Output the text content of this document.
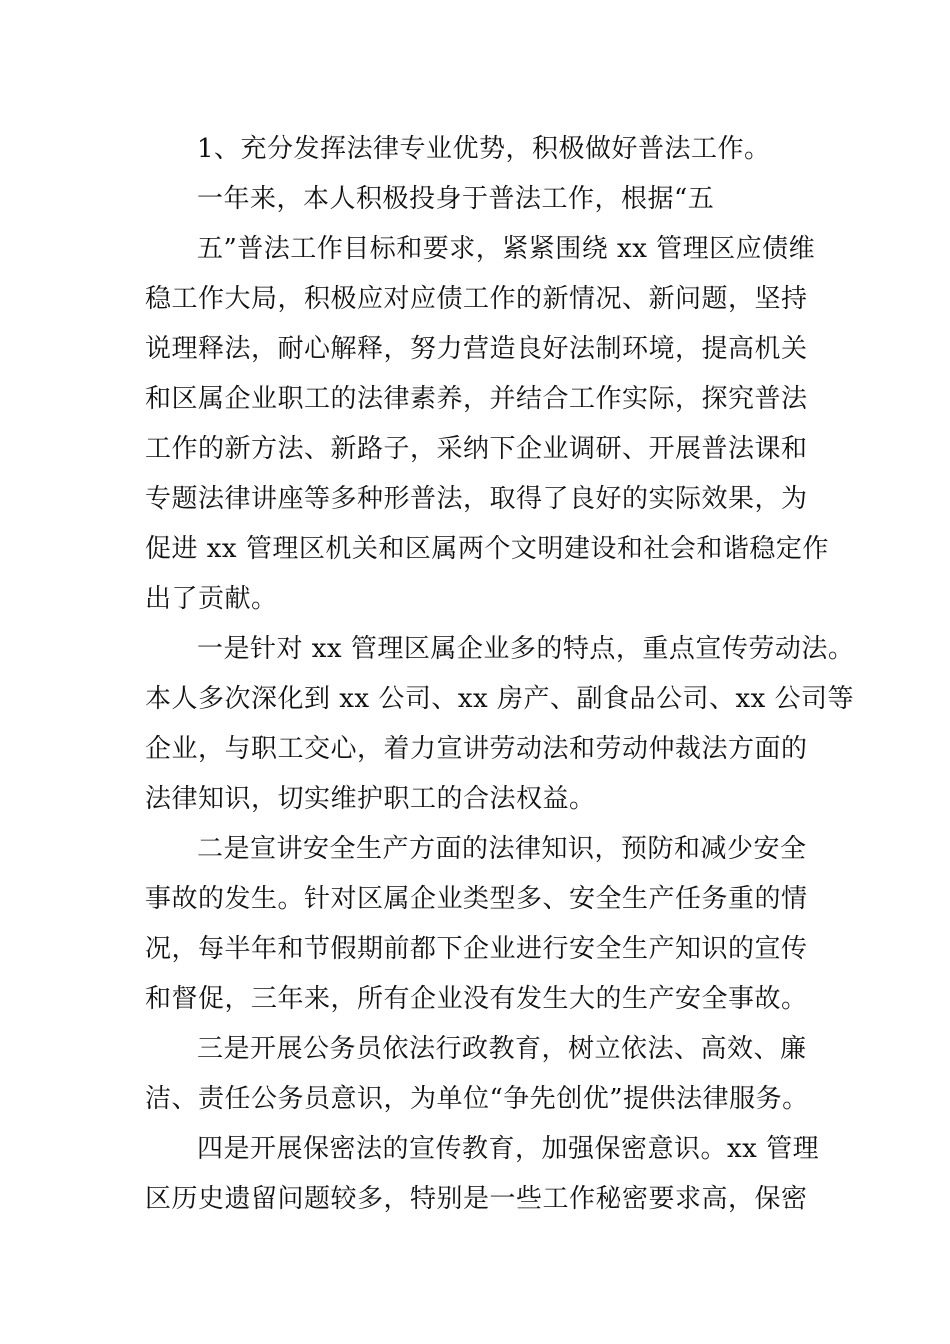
1、充分发挥法律专业优势，积极做好普法工作。
一年来，本人积极投身于普法工作，根据“五
五”普法工作目标和要求，紧紧围绕 xx 管理区应债维
稳工作大局，积极应对应债工作的新情况、新问题，坚持
说理释法，耐心解释，努力营造良好法制环境，提高机关
和区属企业职工的法律素养，并结合工作实际，探究普法
工作的新方法、新路子，采纳下企业调研、开展普法课和
专题法律讲座等多种形普法，取得了良好的实际效果，为
促进 xx 管理区机关和区属两个文明建设和社会和谐稳定作
出了贡献。
一是针对 xx 管理区属企业多的特点，重点宣传劳动法。
本人多次深化到 xx 公司、xx 房产、副食品公司、xx 公司等
企业，与职工交心，着力宣讲劳动法和劳动仲裁法方面的
法律知识，切实维护职工的合法权益。
二是宣讲安全生产方面的法律知识，预防和减少安全
事故的发生。针对区属企业类型多、安全生产任务重的情
况，每半年和节假期前都下企业进行安全生产知识的宣传
和督促，三年来，所有企业没有发生大的生产安全事故。
三是开展公务员依法行政教育，树立依法、高效、廉
洁、责任公务员意识，为单位“争先创优”提供法律服务。
四是开展保密法的宣传教育，加强保密意识。xx 管理
区历史遗留问题较多，特别是一些工作秘密要求高，保密
